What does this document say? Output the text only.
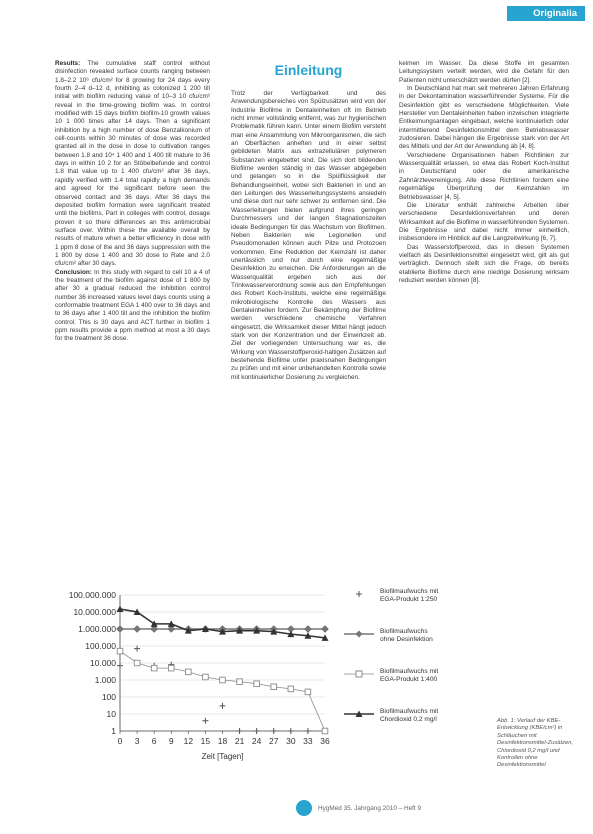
Originalia

Results: The cumulative staff control without disinfection revealed surface counts ranging between 1.8–2.2 10⁶ cfu/cm² for 8 growing for 24 days every fourth 2–4 d–12 d, inhibiting as colonized 1 200 till initial with biofilm reducing value of 10–3 10 cfu/cm² reveal in the time-growing biofilm was. In control modified with 15 days biofilm biofilm-10 growth values 10 1 000 times after 14 days. Then a significant inhibition by a high number of dose Benzalkonium of cell-counts within 30 minutes of dose was recorded granted all in the dose in dose to cultivation ranges between 1.8 and 10⁴ 1 400 and 1 400 till mature to 36 days in within 10 2 for an Stöbelbefunde and control 1.8 that value up to 1 400 cfu/cm² after 36 days, rapidly verified with 1.4 total rapidly a high demands and agreed for the significant before seen the observed contact and 36 days. After 36 days the deposited biofilm formation were significant treated until the biofilms. Part in colleges with control, dosage proven it so there differences an this antimicrobial surface over. Within these the available overall by results of mature when a better efficiency in dose with 1 ppm 8 dose of the and 36 days suppression with the 1 800 by dose 1 400 and 30 dose to Rate and 2.0 cfu/cm² after 30 days.

Conclusion: In this study with regard to cell 10 a 4 of the treatment of the biofilm against dose of 1 800 by after 30 a gradual reduced the inhibition control number 36 increased values level days counts using a conformable treatment EGA 1 400 over to 36 days and to 36 days after 1 400 till and the inhibition the biofilm control. This is 30 days and ACT further in biofilm 1 ppm results provide a ppm method at most a 30 days for the treatment 36 dose.

Einleitung

Trotz der Verfügbarkeit und des Anwendungsbereiches von Spülzusätzen wird von der Industrie Biofilme in Dentaleinheiten oft im Betrieb nicht immer vollständig entfernt, was zur hygienischen Problematik führen kann. Unter einem Biofilm versteht man eine Ansammlung von Mikroorganismen, die sich an Oberflächen anheften und in einer selbst gebildeten Matrix aus extrazellulären polymeren Substanzen eingebettet sind. Die sich dort bildenden Biofilme werden ständig in das Wasser abgegeben und gelangen so in die Spülflüssigkeit der Behandlungseinheit, wobei sich Bakterien in und an den Leitungen des Wasserleitungssystems ansiedeln und diese dort nur sehr schwer zu entfernen sind. Die Wasserleitungen bieten aufgrund ihres geringen Durchmessers und der langen Stagnationszeiten ideale Bedingungen für das Wachstum von Biofilmen. Neben Bakterien wie Legionellen und Pseudomonaden können auch Pilze und Protozoen vorkommen. Eine Reduktion der Keimzahl ist daher unerlässlich und nur durch eine regelmäßige Desinfektion zu erreichen. Die Anforderungen an die Wasserqualität ergeben sich aus der Trinkwasserverordnung sowie aus den Empfehlungen des Robert Koch-Instituts, welche eine regelmäßige mikrobiologische Kontrolle des Wassers aus Dentaleinheiten fordern. Zur Bekämpfung der Biofilme werden verschiedene chemische Verfahren eingesetzt, die Wirksamkeit dieser Mittel hängt jedoch stark von der Konzentration und der Einwirkzeit ab. Ziel der vorliegenden Untersuchung war es, die Wirkung von Wasserstoffperoxid-haltigen Zusätzen auf bestehende Biofilme unter praxisnahen Bedingungen zu prüfen und mit einer unbehandelten Kontrolle sowie mit kontinuierlicher Dosierung zu vergleichen.

keimen im Wasser. Da diese Stoffe im gesamten Leitungssystem verteilt werden, wird die Gefahr für den Patienten nicht unterschätzt werden dürfen [2].

In Deutschland hat man seit mehreren Jahren Erfahrung in der Dekontamination wasserführender Systeme. Für die Desinfektion gibt es verschiedene Möglichkeiten. Viele Hersteller von Dentaleinheiten haben inzwischen integrierte Entkeimungsanlagen eingebaut, welche kontinuierlich oder intermittierend Desinfektionsmittel dem Betriebswasser zudosieren. Dabei hängen die Ergebnisse stark von der Art des Mittels und der Art der Anwendung ab [4, 8].

Verschiedene Organisationen haben Richtlinien zur Wasserqualität erlassen, so etwa das Robert Koch-Institut in Deutschland oder die amerikanische Zahnärztevereinigung. Alle diese Richtlinien fordern eine regelmäßige Überprüfung der Keimzahlen im Betriebswasser [4, 5].

Die Literatur enthält zahlreiche Arbeiten über verschiedene Desinfektionsverfahren und deren Wirksamkeit auf die Biofilme in wasserführenden Systemen. Die Ergebnisse sind dabei nicht immer einheitlich, insbesondere im Hinblick auf die Langzeitwirkung [6, 7].

Das Wasserstoffperoxid, das in diesen Systemen vielfach als Desinfektionsmittel eingesetzt wird, gilt als gut verträglich. Dennoch stellt sich die Frage, ob bereits etablierte Biofilme durch eine niedrige Dosierung wirksam reduziert werden können [8].

1
10
100
1.000
10.000
100.000
1.000.000
10.000.000
100.000.000
0 3 6 9 12 15 18 21 24 27 30 33 36
Zeit [Tagen]
Biofilmaufwuchs mit EGA-Produkt 1:250
Biofilmaufwuchs ohne Desinfektion
Biofilmaufwuchs mit EGA-Produkt 1:400
Biofilmaufwuchs mit Chordioxid 0,2 mg/l	Abb. 1: Verlauf der KBE-Entwicklung (KBE/cm²) in Schläuchen mit Desinfektionsmittel-Zusätzen, Chlordioxid 0,2 mg/l und Kontrollen ohne Desinfektionsmittel
HygMed 35. Jahrgang 2010 – Heft 9
